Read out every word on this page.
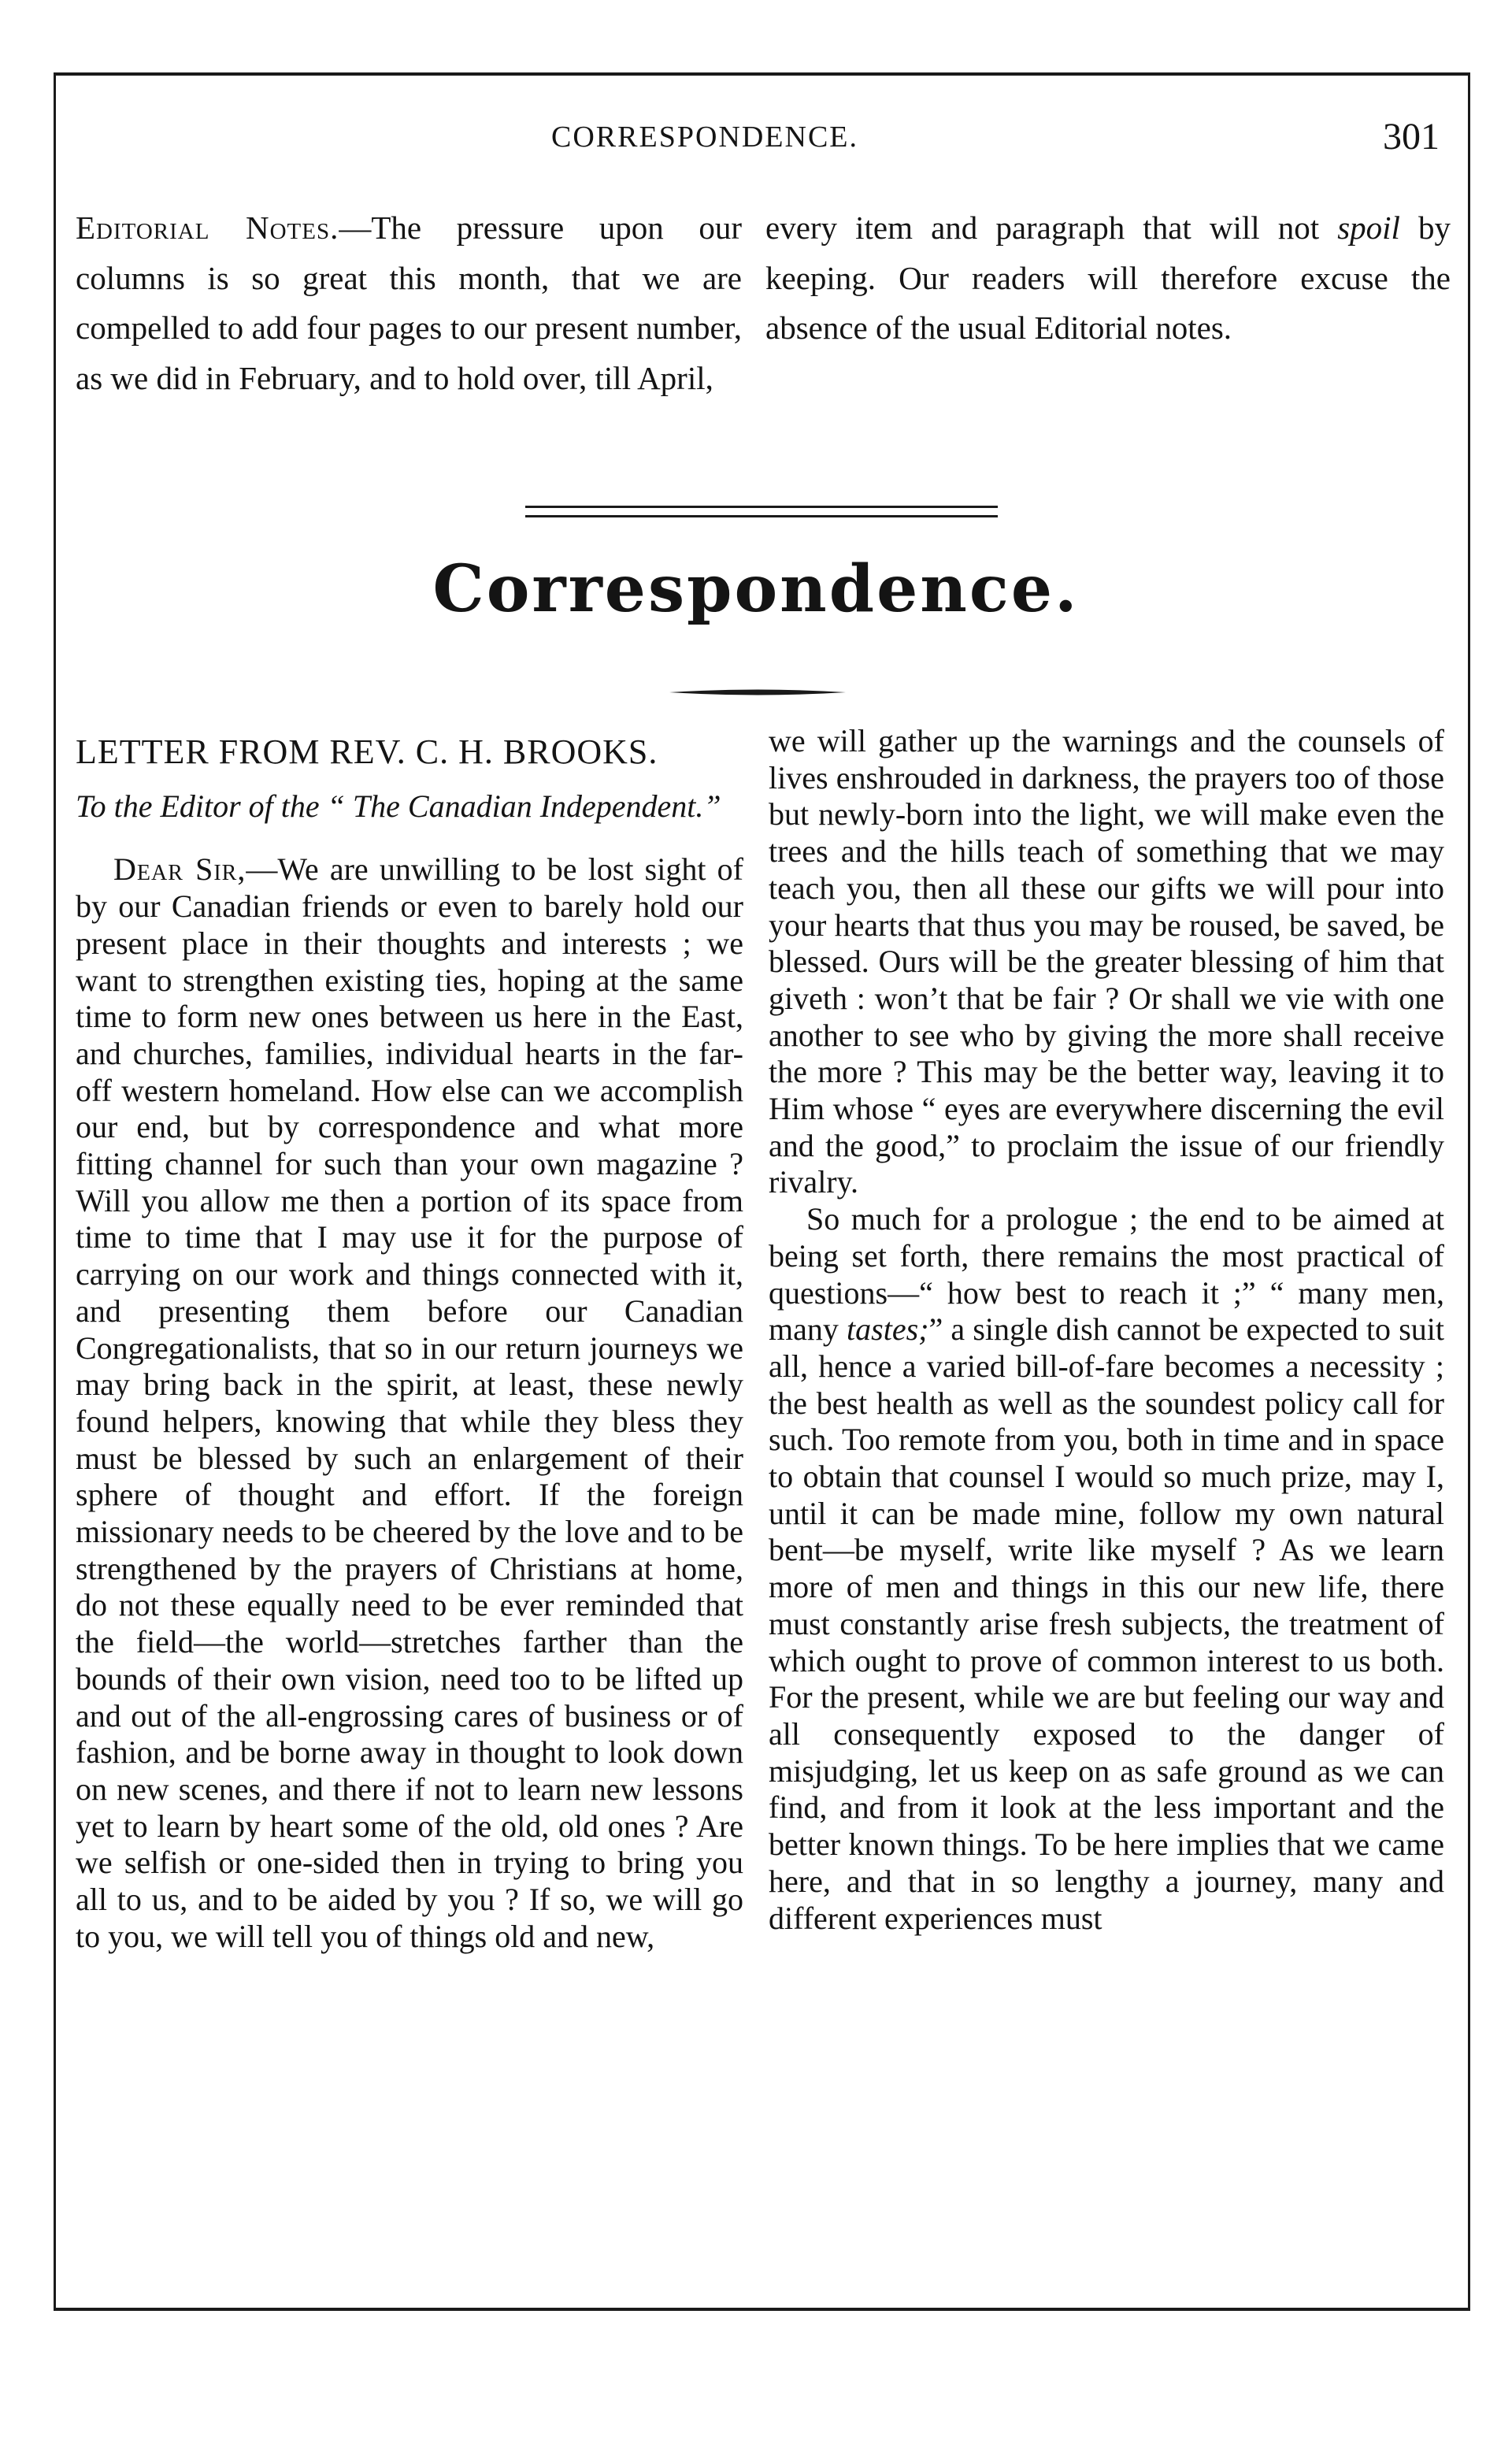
CORRESPONDENCE.	301
Editorial Notes.—The pressure upon our columns is so great this month, that we are compelled to add four pages to our present number, as we did in February, and to hold over, till April,
every item and paragraph that will not spoil by keeping. Our readers will therefore excuse the absence of the usual Editorial notes.
Correspondence.
LETTER FROM REV. C. H. BROOKS.
To the Editor of the “ The Canadian Independent.”

Dear Sir,—We are unwilling to be lost sight of by our Canadian friends or even to barely hold our present place in their thoughts and interests ; we want to strengthen existing ties, hoping at the same time to form new ones between us here in the East, and churches, families, individual hearts in the far-off western homeland. How else can we accomplish our end, but by correspondence and what more fitting channel for such than your own magazine ? Will you allow me then a portion of its space from time to time that I may use it for the purpose of carrying on our work and things connected with it, and presenting them before our Canadian Congregationalists, that so in our return journeys we may bring back in the spirit, at least, these newly found helpers, knowing that while they bless they must be blessed by such an enlargement of their sphere of thought and effort. If the foreign missionary needs to be cheered by the love and to be strengthened by the prayers of Christians at home, do not these equally need to be ever reminded that the field—the world—stretches farther than the bounds of their own vision, need too to be lifted up and out of the all-engrossing cares of business or of fashion, and be borne away in thought to look down on new scenes, and there if not to learn new lessons yet to learn by heart some of the old, old ones ? Are we selfish or one-sided then in trying to bring you all to us, and to be aided by you ? If so, we will go to you, we will tell you of things old and new,

we will gather up the warnings and the counsels of lives enshrouded in darkness, the prayers too of those but newly-born into the light, we will make even the trees and the hills teach of something that we may teach you, then all these our gifts we will pour into your hearts that thus you may be roused, be saved, be blessed. Ours will be the greater blessing of him that giveth : won’t that be fair ? Or shall we vie with one another to see who by giving the more shall receive the more ? This may be the better way, leaving it to Him whose “ eyes are everywhere discerning the evil and the good,” to proclaim the issue of our friendly rivalry.

So much for a prologue ; the end to be aimed at being set forth, there remains the most practical of questions—“ how best to reach it ;” “ many men, many tastes;” a single dish cannot be expected to suit all, hence a varied bill-of-fare becomes a necessity ; the best health as well as the soundest policy call for such. Too remote from you, both in time and in space to obtain that counsel I would so much prize, may I, until it can be made mine, follow my own natural bent—be myself, write like myself ? As we learn more of men and things in this our new life, there must constantly arise fresh subjects, the treatment of which ought to prove of common interest to us both. For the present, while we are but feeling our way and all consequently exposed to the danger of misjudging, let us keep on as safe ground as we can find, and from it look at the less important and the better known things. To be here implies that we came here, and that in so lengthy a journey, many and different experiences must
